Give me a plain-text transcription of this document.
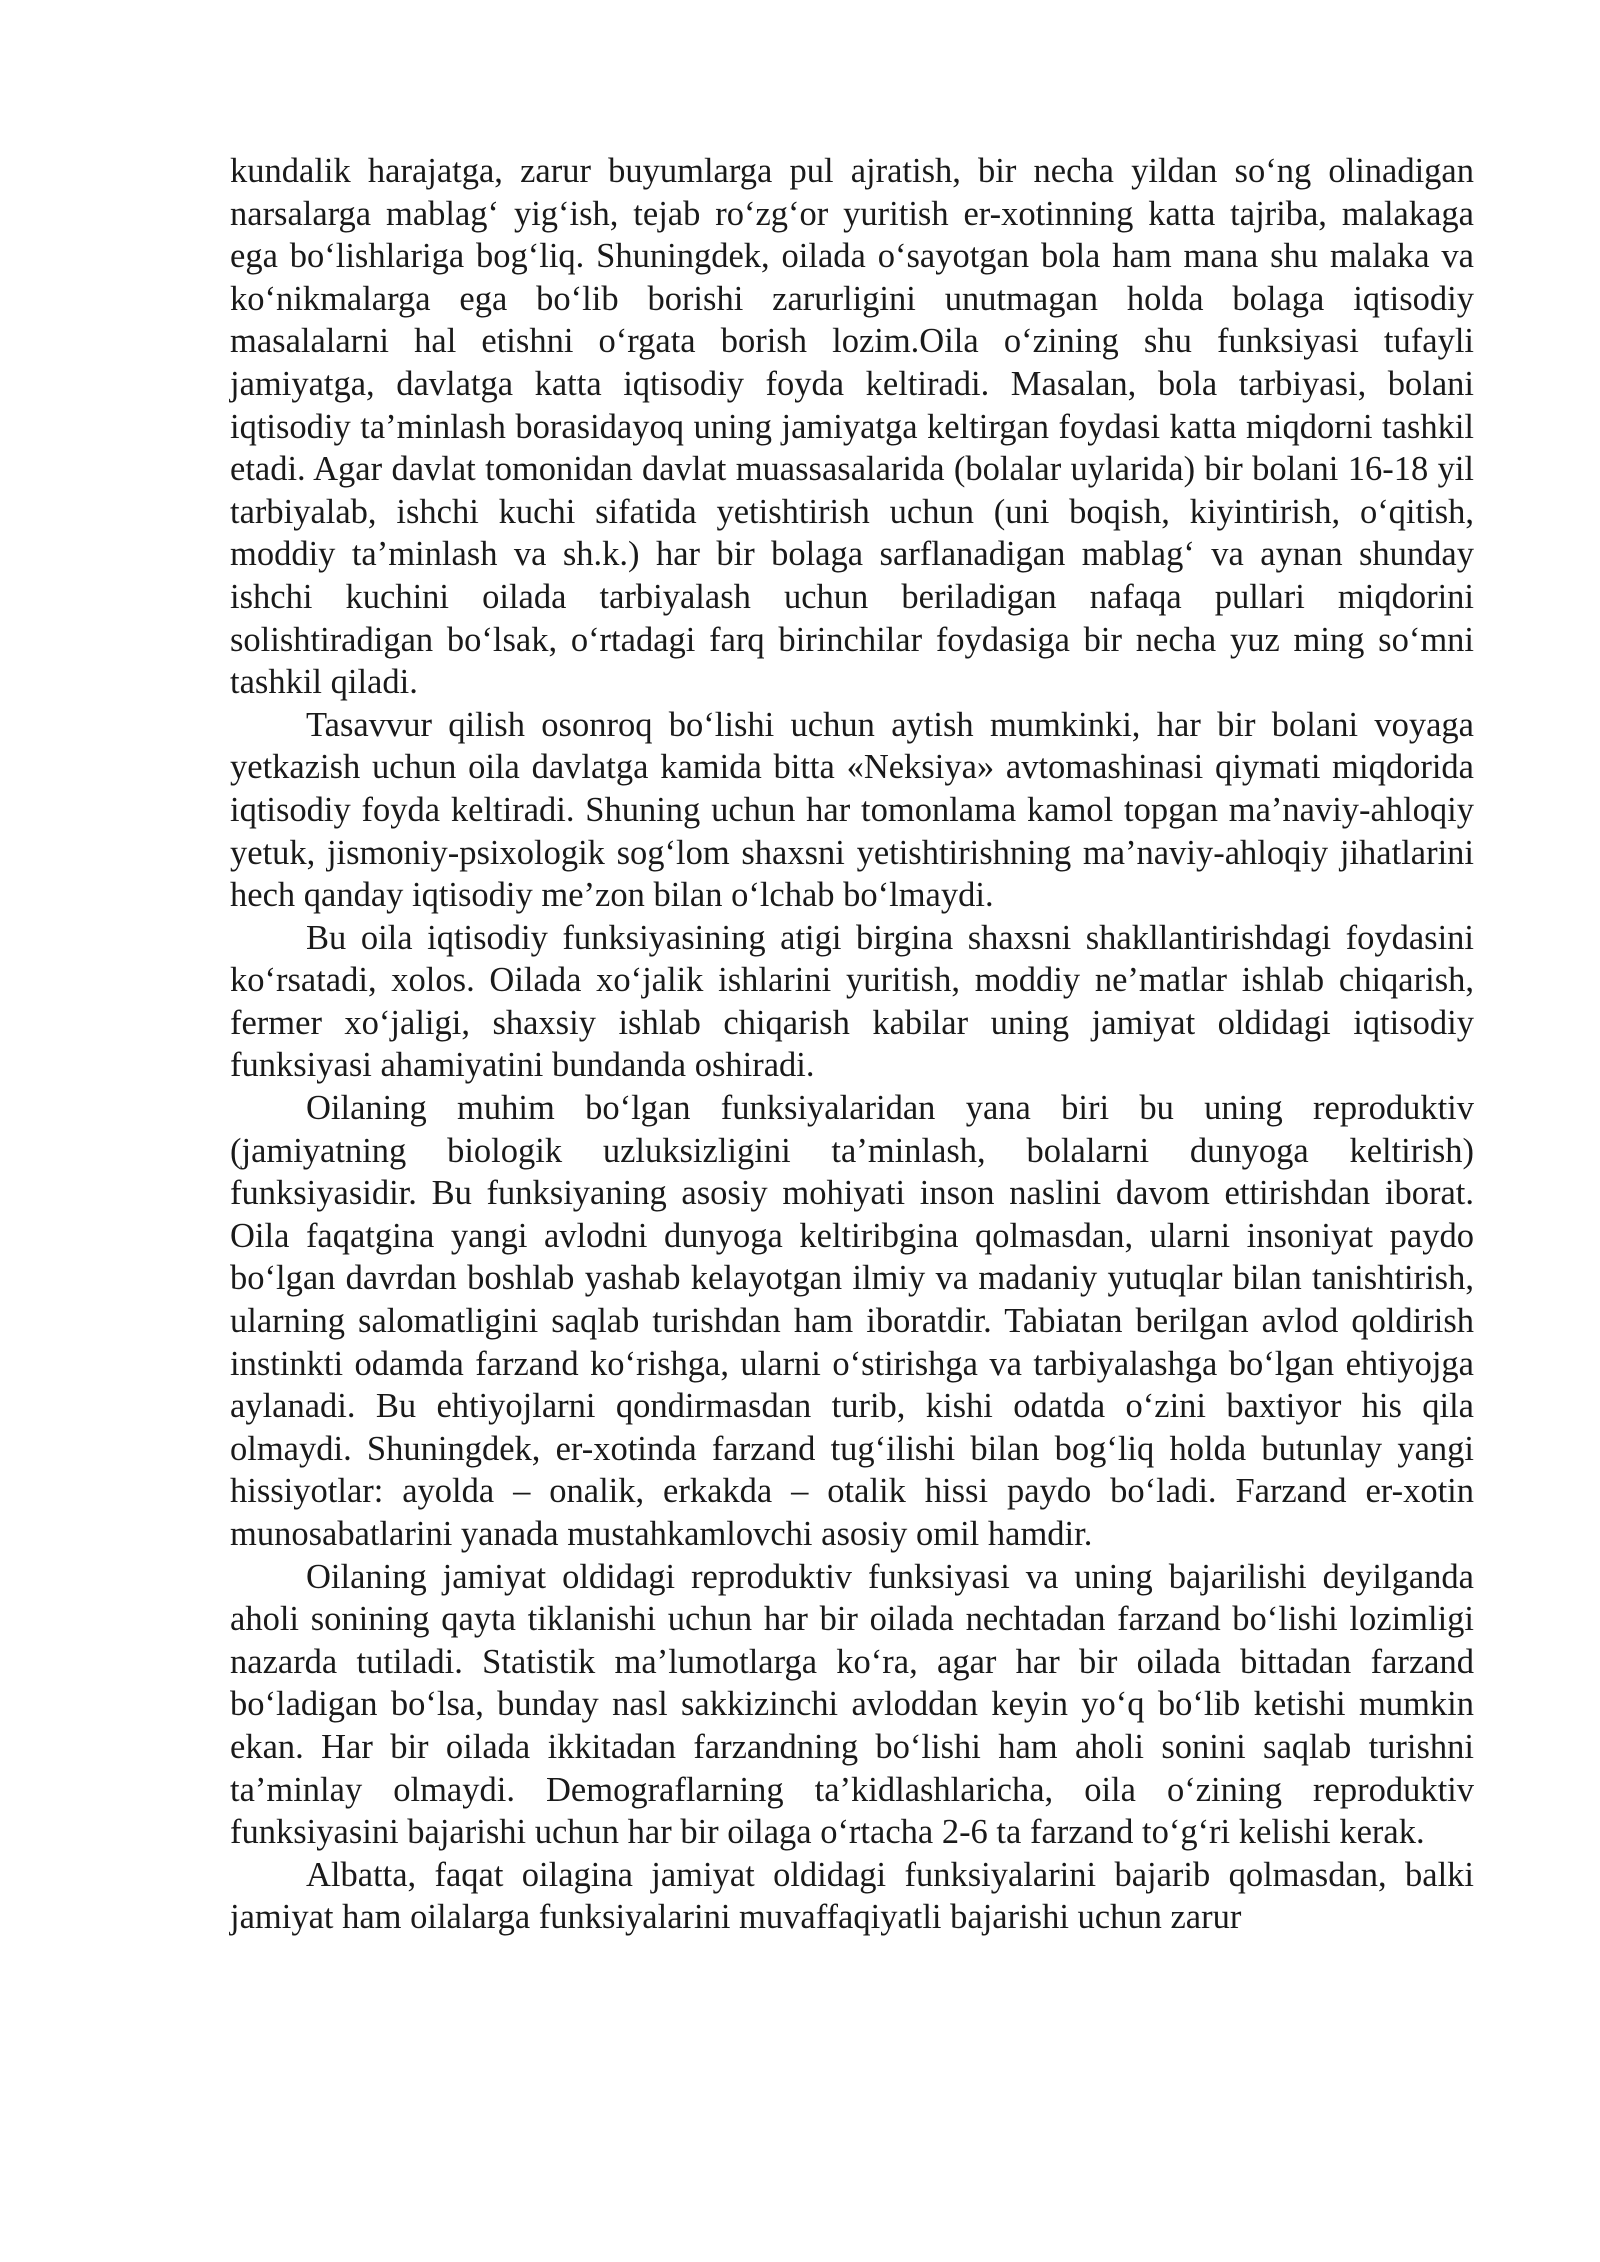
kundalik harajatga, zarur buyumlarga pul ajratish, bir necha yildan so‘ng olinadigan narsalarga mablag‘ yig‘ish, tejab ro‘zg‘or yuritish er-xotinning katta tajriba, malakaga ega bo‘lishlariga bog‘liq. Shuningdek, oilada o‘sayotgan bola ham mana shu malaka va ko‘nikmalarga ega bo‘lib borishi zarurligini unutmagan holda bolaga iqtisodiy masalalarni hal etishni o‘rgata borish lozim.Oila o‘zining shu funksiyasi tufayli jamiyatga, davlatga katta iqtisodiy foyda keltiradi. Masalan, bola tarbiyasi, bolani iqtisodiy ta’minlash borasidayoq uning jamiyatga keltirgan foydasi katta miqdorni tashkil etadi. Agar davlat tomonidan davlat muassasalarida (bolalar uylarida) bir bolani 16-18 yil tarbiyalab, ishchi kuchi sifatida yetishtirish uchun (uni boqish, kiyintirish, o‘qitish, moddiy ta’minlash va sh.k.) har bir bolaga sarflanadigan mablag‘ va aynan shunday ishchi kuchini oilada tarbiyalash uchun beriladigan nafaqa pullari miqdorini solishtiradigan bo‘lsak, o‘rtadagi farq birinchilar foydasiga bir necha yuz ming so‘mni tashkil qiladi.

Tasavvur qilish osonroq bo‘lishi uchun aytish mumkinki, har bir bolani voyaga yetkazish uchun oila davlatga kamida bitta «Neksiya» avtomashinasi qiymati miqdorida iqtisodiy foyda keltiradi. Shuning uchun har tomonlama kamol topgan ma’naviy-ahloqiy yetuk, jismoniy-psixologik sog‘lom shaxsni yetishtirishning ma’naviy-ahloqiy jihatlarini hech qanday iqtisodiy me’zon bilan o‘lchab bo‘lmaydi.

Bu oila iqtisodiy funksiyasining atigi birgina shaxsni shakllantirishdagi foydasini ko‘rsatadi, xolos. Oilada xo‘jalik ishlarini yuritish, moddiy ne’matlar ishlab chiqarish, fermer xo‘jaligi, shaxsiy ishlab chiqarish kabilar uning jamiyat oldidagi iqtisodiy funksiyasi ahamiyatini bundanda oshiradi.

Oilaning muhim bo‘lgan funksiyalaridan yana biri bu uning reproduktiv (jamiyatning biologik uzluksizligini ta’minlash, bolalarni dunyoga keltirish) funksiyasidir. Bu funksiyaning asosiy mohiyati inson naslini davom ettirishdan iborat. Oila faqatgina yangi avlodni dunyoga keltiribgina qolmasdan, ularni insoniyat paydo bo‘lgan davrdan boshlab yashab kelayotgan ilmiy va madaniy yutuqlar bilan tanishtirish, ularning salomatligini saqlab turishdan ham iboratdir. Tabiatan berilgan avlod qoldirish instinkti odamda farzand ko‘rishga, ularni o‘stirishga va tarbiyalashga bo‘lgan ehtiyojga aylanadi. Bu ehtiyojlarni qondirmasdan turib, kishi odatda o‘zini baxtiyor his qila olmaydi. Shuningdek, er-xotinda farzand tug‘ilishi bilan bog‘liq holda butunlay yangi hissiyotlar: ayolda – onalik, erkakda – otalik hissi paydo bo‘ladi. Farzand er-xotin munosabatlarini yanada mustahkamlovchi asosiy omil hamdir.

Oilaning jamiyat oldidagi reproduktiv funksiyasi va uning bajarilishi deyilganda aholi sonining qayta tiklanishi uchun har bir oilada nechtadan farzand bo‘lishi lozimligi nazarda tutiladi. Statistik ma’lumotlarga ko‘ra, agar har bir oilada bittadan farzand bo‘ladigan bo‘lsa, bunday nasl sakkizinchi avloddan keyin yo‘q bo‘lib ketishi mumkin ekan. Har bir oilada ikkitadan farzandning bo‘lishi ham aholi sonini saqlab turishni ta’minlay olmaydi. Demograflarning ta’kidlashlaricha, oila o‘zining reproduktiv funksiyasini bajarishi uchun har bir oilaga o‘rtacha 2-6 ta farzand to‘g‘ri kelishi kerak.

Albatta, faqat oilagina jamiyat oldidagi funksiyalarini bajarib qolmasdan, balki jamiyat ham oilalarga funksiyalarini muvaffaqiyatli bajarishi uchun zarur
